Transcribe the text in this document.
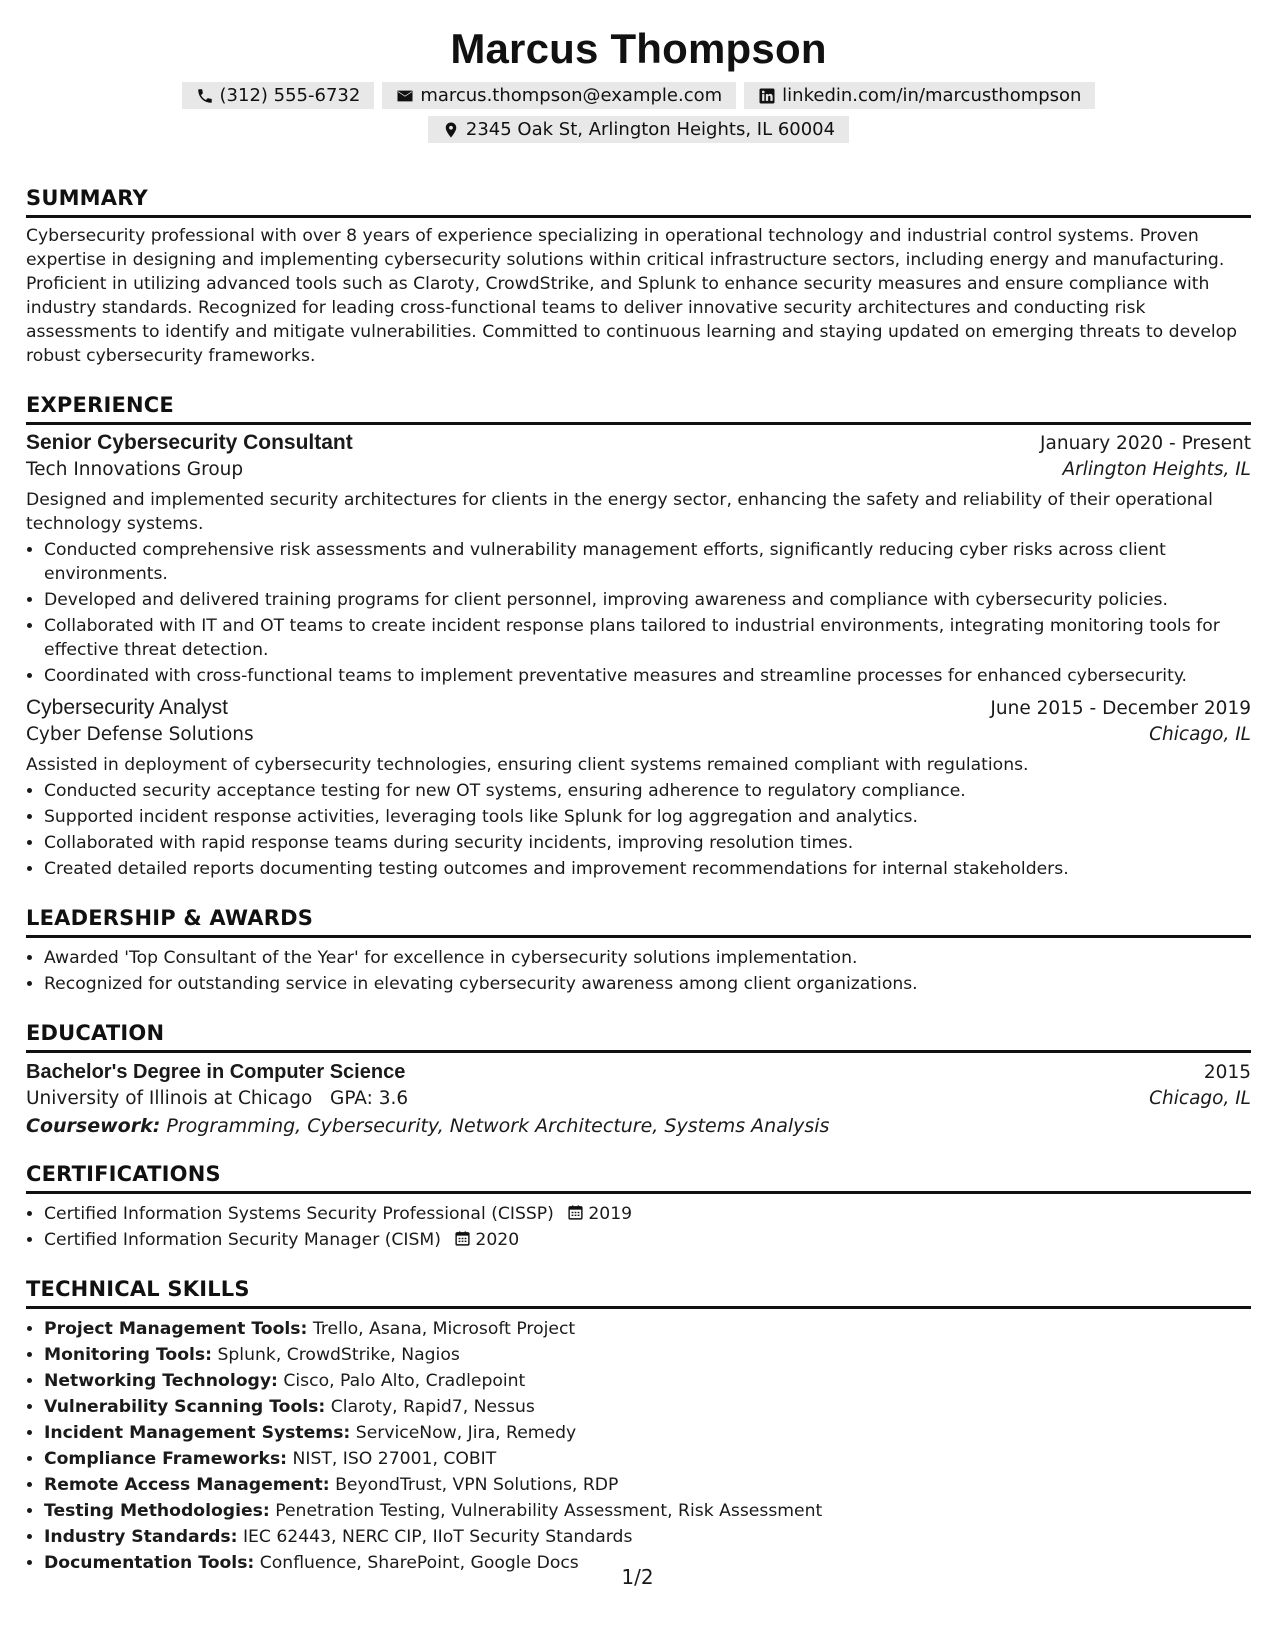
Marcus Thompson
(312) 555-6732	marcus.thompson@example.com	linkedin.com/in/marcusthompson
2345 Oak St, Arlington Heights, IL 60004
SUMMARY

Cybersecurity professional with over 8 years of experience specializing in operational technology and industrial control systems. Proven expertise in designing and implementing cybersecurity solutions within critical infrastructure sectors, including energy and manufacturing. Proficient in utilizing advanced tools such as Claroty, CrowdStrike, and Splunk to enhance security measures and ensure compliance with industry standards. Recognized for leading cross-functional teams to deliver innovative security architectures and conducting risk assessments to identify and mitigate vulnerabilities. Committed to continuous learning and staying updated on emerging threats to develop robust cybersecurity frameworks.

EXPERIENCE
Senior Cybersecurity Consultant	January 2020 - Present
Tech Innovations Group	Arlington Heights, IL

Designed and implemented security architectures for clients in the energy sector, enhancing the safety and reliability of their operational technology systems.

• Conducted comprehensive risk assessments and vulnerability management efforts, significantly reducing cyber risks across client environments.
• Developed and delivered training programs for client personnel, improving awareness and compliance with cybersecurity policies.
• Collaborated with IT and OT teams to create incident response plans tailored to industrial environments, integrating monitoring tools for effective threat detection.
• Coordinated with cross-functional teams to implement preventative measures and streamline processes for enhanced cybersecurity.
Cybersecurity Analyst	June 2015 - December 2019
Cyber Defense Solutions	Chicago, IL

Assisted in deployment of cybersecurity technologies, ensuring client systems remained compliant with regulations.

• Conducted security acceptance testing for new OT systems, ensuring adherence to regulatory compliance.
• Supported incident response activities, leveraging tools like Splunk for log aggregation and analytics.
• Collaborated with rapid response teams during security incidents, improving resolution times.
• Created detailed reports documenting testing outcomes and improvement recommendations for internal stakeholders.
LEADERSHIP & AWARDS
• Awarded 'Top Consultant of the Year' for excellence in cybersecurity solutions implementation.
• Recognized for outstanding service in elevating cybersecurity awareness among client organizations.
EDUCATION
Bachelor's Degree in Computer Science	2015
University of Illinois at Chicago GPA: 3.6	Chicago, IL
Coursework: Programming, Cybersecurity, Network Architecture, Systems Analysis
CERTIFICATIONS
• Certified Information Systems Security Professional (CISSP) 2019
• Certified Information Security Manager (CISM) 2020
TECHNICAL SKILLS
• Project Management Tools: Trello, Asana, Microsoft Project
• Monitoring Tools: Splunk, CrowdStrike, Nagios
• Networking Technology: Cisco, Palo Alto, Cradlepoint
• Vulnerability Scanning Tools: Claroty, Rapid7, Nessus
• Incident Management Systems: ServiceNow, Jira, Remedy
• Compliance Frameworks: NIST, ISO 27001, COBIT
• Remote Access Management: BeyondTrust, VPN Solutions, RDP
• Testing Methodologies: Penetration Testing, Vulnerability Assessment, Risk Assessment
• Industry Standards: IEC 62443, NERC CIP, IIoT Security Standards
• Documentation Tools: Confluence, SharePoint, Google Docs
1/2
